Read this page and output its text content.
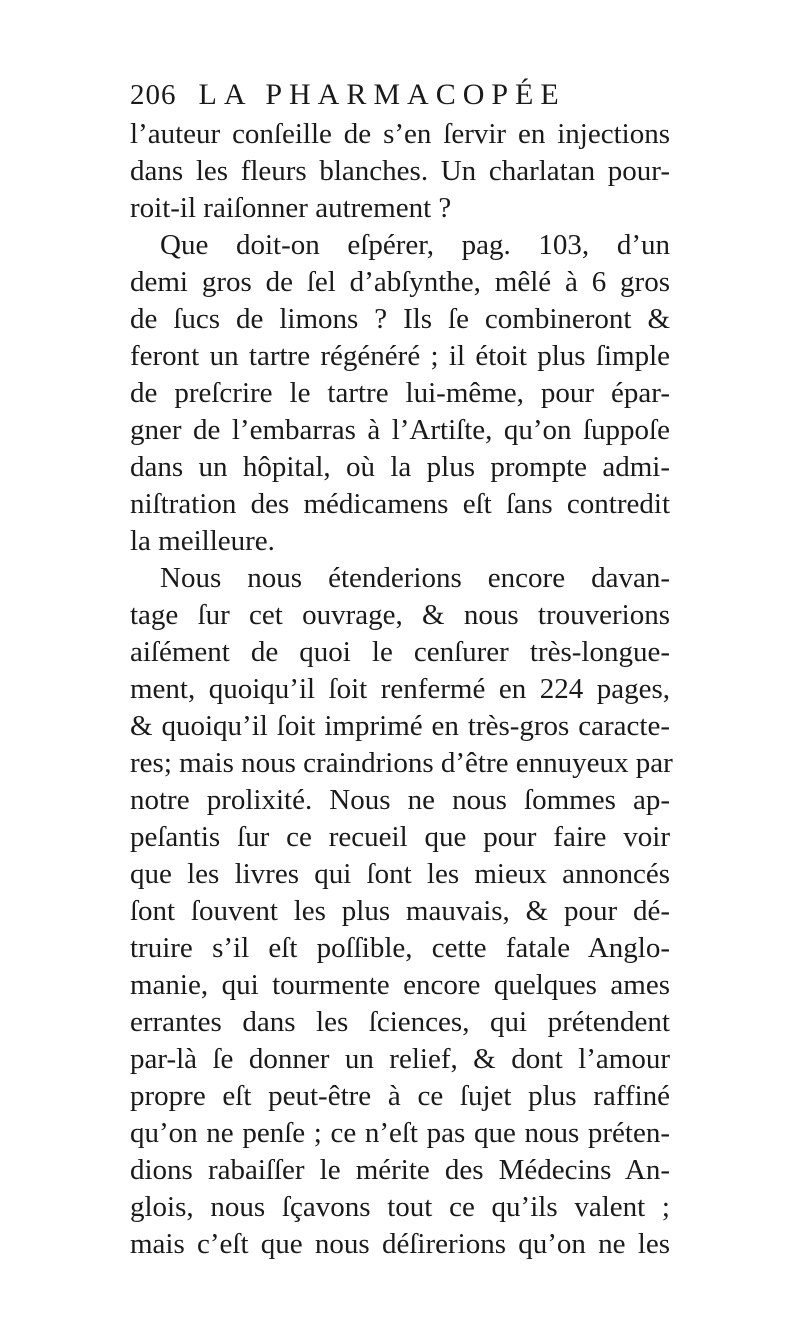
206 LA PHARMACOPÉE
l’auteur conſeille de s’en ſervir en injections
dans les fleurs blanches. Un charlatan pour-
roit-il raiſonner autrement ?
Que doit-on eſpérer, pag. 103, d’un
demi gros de ſel d’abſynthe, mêlé à 6 gros
de ſucs de limons ? Ils ſe combineront &
feront un tartre régénéré ; il étoit plus ſimple
de preſcrire le tartre lui-même, pour épar-
gner de l’embarras à l’Artiſte, qu’on ſuppoſe
dans un hôpital, où la plus prompte admi-
niſtration des médicamens eſt ſans contredit
la meilleure.
Nous nous étenderions encore davan-
tage ſur cet ouvrage, & nous trouverions
aiſément de quoi le cenſurer très-longue-
ment, quoiqu’il ſoit renfermé en 224 pages,
& quoiqu’il ſoit imprimé en très-gros caracte-
res; mais nous craindrions d’être ennuyeux par
notre prolixité. Nous ne nous ſommes ap-
peſantis ſur ce recueil que pour faire voir
que les livres qui ſont les mieux annoncés
ſont ſouvent les plus mauvais, & pour dé-
truire s’il eſt poſſible, cette fatale Anglo-
manie, qui tourmente encore quelques ames
errantes dans les ſciences, qui prétendent
par-là ſe donner un relief, & dont l’amour
propre eſt peut-être à ce ſujet plus raffiné
qu’on ne penſe ; ce n’eſt pas que nous préten-
dions rabaiſſer le mérite des Médecins An-
glois, nous ſçavons tout ce qu’ils valent ;
mais c’eſt que nous déſirerions qu’on ne les
